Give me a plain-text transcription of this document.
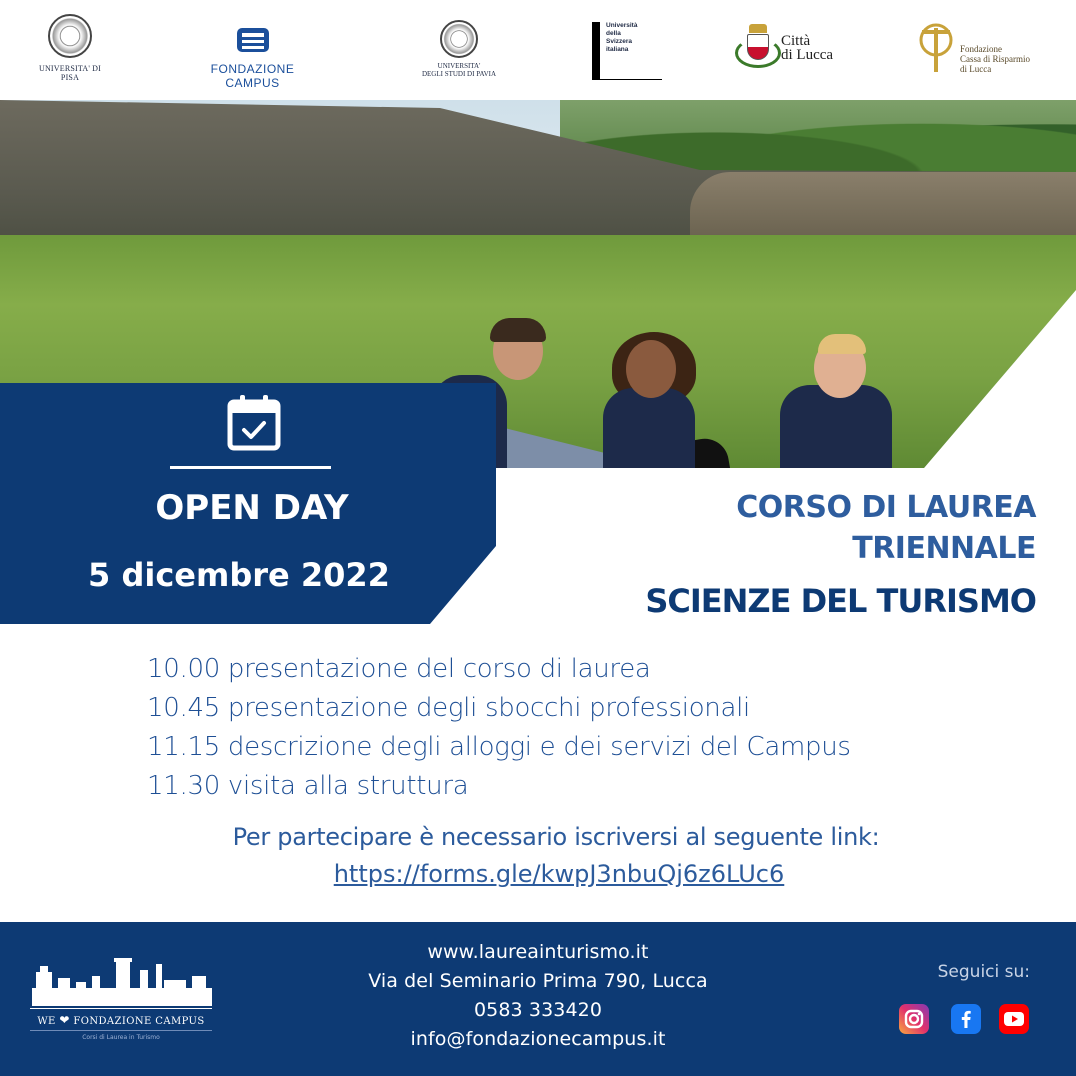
UNIVERSITA' DI PISA
FONDAZIONE CAMPUS
UNIVERSITA'
DEGLI STUDI DI PAVIA
Università
della
Svizzera
italiana
Città
di Lucca	Fondazione
Cassa di Risparmio
di Lucca
OPEN DAY
5 dicembre 2022
CORSO DI LAUREA
TRIENNALE
SCIENZE DEL TURISMO
10.00 presentazione del corso di laurea
10.45 presentazione degli sbocchi professionali
11.15 descrizione degli alloggi e dei servizi del Campus
11.30 visita alla struttura
Per partecipare è necessario iscriversi al seguente link:
https://forms.gle/kwpJ3nbuQj6z6LUc6
WE ❤ FONDAZIONE CAMPUS
Corsi di Laurea in Turismo
www.laureainturismo.it
Via del Seminario Prima 790, Lucca
0583 333420
info@fondazionecampus.it
Seguici su:
